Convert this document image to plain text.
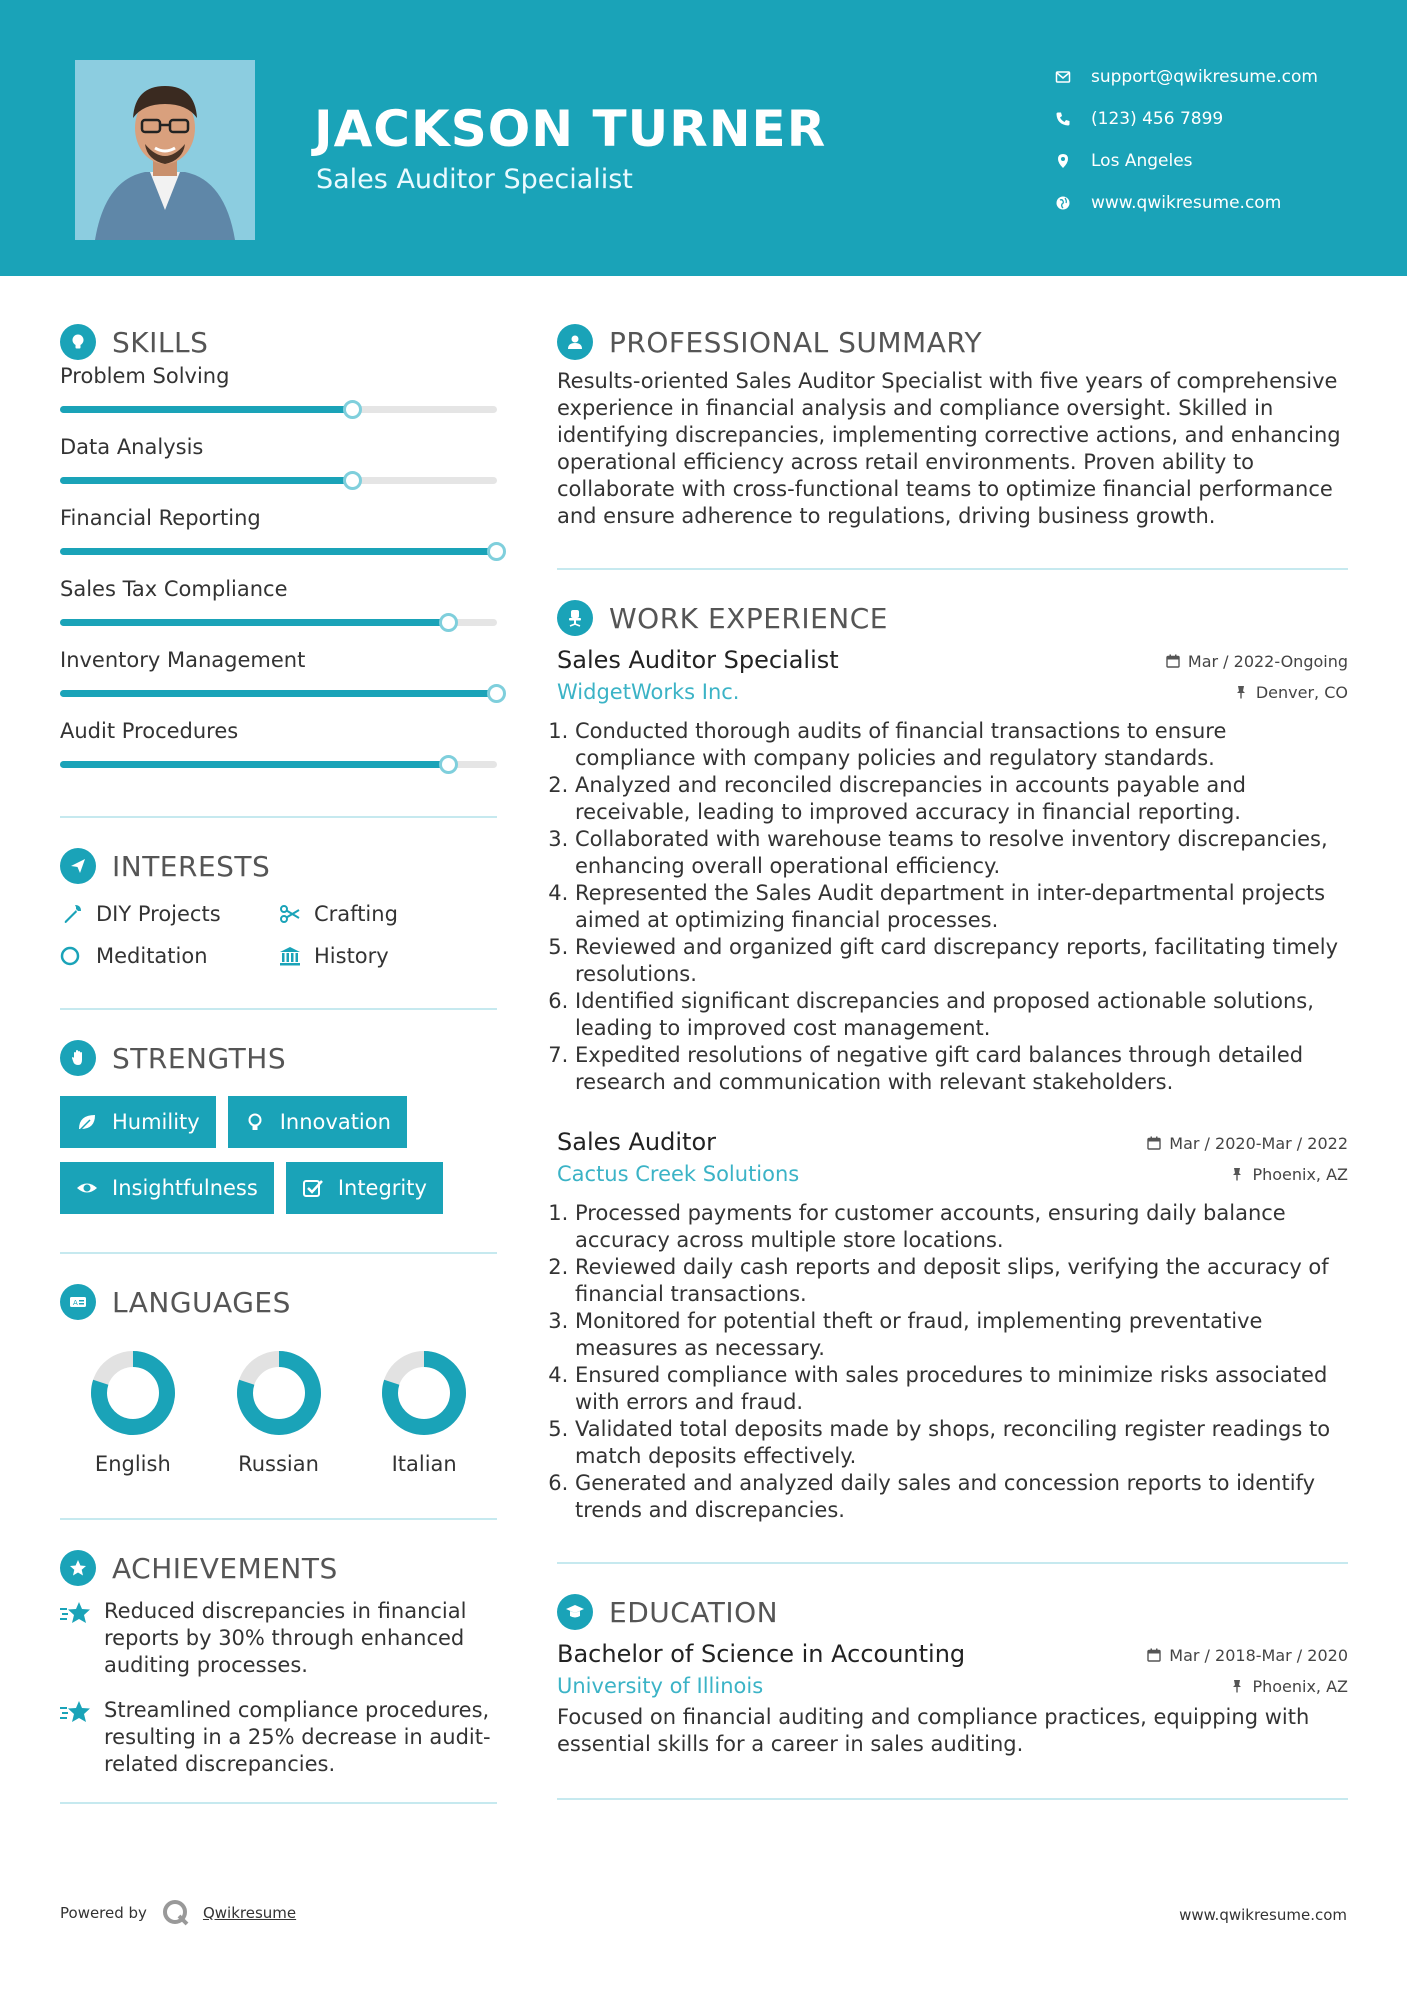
JACKSON TURNER
Sales Auditor Specialist
support@qwikresume.com
(123) 456 7899
Los Angeles
www.qwikresume.com
SKILLS
Problem Solving
Data Analysis
Financial Reporting
Sales Tax Compliance
Inventory Management
Audit Procedures
INTERESTS
DIY Projects	Crafting
Meditation	History
STRENGTHS
Humility	Innovation
Insightfulness	Integrity
A LANGUAGES
English	Russian	Italian
ACHIEVEMENTS
Reduced discrepancies in financial reports by 30% through enhanced auditing processes.
Streamlined compliance procedures, resulting in a 25% decrease in audit-related discrepancies.
PROFESSIONAL SUMMARY
Results-oriented Sales Auditor Specialist with five years of comprehensive experience in financial analysis and compliance oversight. Skilled in identifying discrepancies, implementing corrective actions, and enhancing operational efficiency across retail environments. Proven ability to collaborate with cross-functional teams to optimize financial performance and ensure adherence to regulations, driving business growth.
WORK EXPERIENCE
Sales Auditor Specialist	Mar / 2022-Ongoing
WidgetWorks Inc.	Denver, CO
1. Conducted thorough audits of financial transactions to ensure compliance with company policies and regulatory standards.
2. Analyzed and reconciled discrepancies in accounts payable and receivable, leading to improved accuracy in financial reporting.
3. Collaborated with warehouse teams to resolve inventory discrepancies, enhancing overall operational efficiency.
4. Represented the Sales Audit department in inter-departmental projects aimed at optimizing financial processes.
5. Reviewed and organized gift card discrepancy reports, facilitating timely resolutions.
6. Identified significant discrepancies and proposed actionable solutions, leading to improved cost management.
7. Expedited resolutions of negative gift card balances through detailed research and communication with relevant stakeholders.
Sales Auditor	Mar / 2020-Mar / 2022
Cactus Creek Solutions	Phoenix, AZ
1. Processed payments for customer accounts, ensuring daily balance accuracy across multiple store locations.
2. Reviewed daily cash reports and deposit slips, verifying the accuracy of financial transactions.
3. Monitored for potential theft or fraud, implementing preventative measures as necessary.
4. Ensured compliance with sales procedures to minimize risks associated with errors and fraud.
5. Validated total deposits made by shops, reconciling register readings to match deposits effectively.
6. Generated and analyzed daily sales and concession reports to identify trends and discrepancies.
EDUCATION
Bachelor of Science in Accounting	Mar / 2018-Mar / 2020
University of Illinois	Phoenix, AZ
Focused on financial auditing and compliance practices, equipping with essential skills for a career in sales auditing.
Powered by	Qwikresume	www.qwikresume.com
